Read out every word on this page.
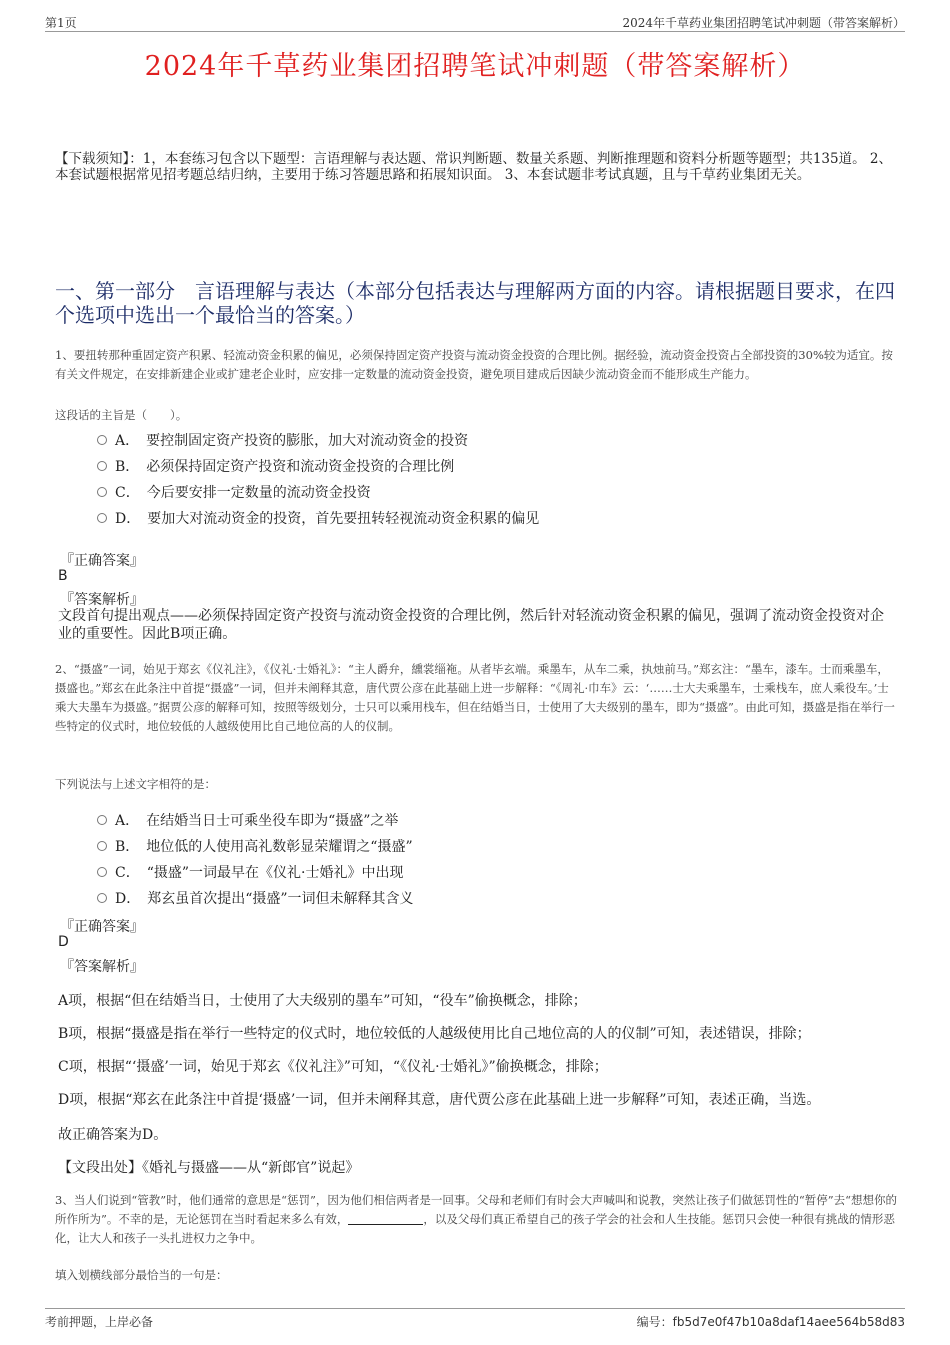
第1页	2024年千草药业集团招聘笔试冲刺题（带答案解析）
2024年千草药业集团招聘笔试冲刺题（带答案解析）
【下载须知】：1，本套练习包含以下题型：言语理解与表达题、常识判断题、数量关系题、判断推理题和资料分析题等题型；共135道。 2、本套试题根据常见招考题总结归纳，主要用于练习答题思路和拓展知识面。 3、本套试题非考试真题，且与千草药业集团无关。
一、第一部分　言语理解与表达（本部分包括表达与理解两方面的内容。请根据题目要求，在四个选项中选出一个最恰当的答案。）
1、要扭转那种重固定资产积累、轻流动资金积累的偏见，必须保持固定资产投资与流动资金投资的合理比例。据经验，流动资金投资占全部投资的30%较为适宜。按有关文件规定，在安排新建企业或扩建老企业时，应安排一定数量的流动资金投资，避免项目建成后因缺少流动资金而不能形成生产能力。
这段话的主旨是（　　）。
A．　要控制固定资产投资的膨胀，加大对流动资金的投资
B．　必须保持固定资产投资和流动资金投资的合理比例
C．　今后要安排一定数量的流动资金投资
D．　要加大对流动资金的投资，首先要扭转轻视流动资金积累的偏见
『正确答案』
B
『答案解析』
文段首句提出观点——必须保持固定资产投资与流动资金投资的合理比例，然后针对轻流动资金积累的偏见，强调了流动资金投资对企业的重要性。因此B项正确。
2、“摄盛”一词，始见于郑玄《仪礼注》，《仪礼·士婚礼》：“主人爵弁，纁裳缁袘。从者毕玄端。乘墨车，从车二乘，执烛前马。”郑玄注：“墨车，漆车。士而乘墨车，摄盛也。”郑玄在此条注中首提“摄盛”一词，但并未阐释其意，唐代贾公彦在此基础上进一步解释：“《周礼·巾车》云：‘……士大夫乘墨车，士乘栈车，庶人乘役车。’士乘大夫墨车为摄盛。”据贾公彦的解释可知，按照等级划分，士只可以乘用栈车，但在结婚当日，士使用了大夫级别的墨车，即为“摄盛”。由此可知，摄盛是指在举行一些特定的仪式时，地位较低的人越级使用比自己地位高的人的仪制。
下列说法与上述文字相符的是：
A．　在结婚当日士可乘坐役车即为“摄盛”之举
B．　地位低的人使用高礼数彰显荣耀谓之“摄盛”
C．　“摄盛”一词最早在《仪礼·士婚礼》中出现
D．　郑玄虽首次提出“摄盛”一词但未解释其含义
『正确答案』
D
『答案解析』
A项，根据“但在结婚当日，士使用了大夫级别的墨车”可知，“役车”偷换概念，排除；
B项，根据“摄盛是指在举行一些特定的仪式时，地位较低的人越级使用比自己地位高的人的仪制”可知，表述错误，排除；
C项，根据“‘摄盛’一词，始见于郑玄《仪礼注》”可知，“《仪礼·士婚礼》”偷换概念，排除；
D项，根据“郑玄在此条注中首提‘摄盛’一词，但并未阐释其意，唐代贾公彦在此基础上进一步解释”可知，表述正确，当选。
故正确答案为D。
【文段出处】《婚礼与摄盛——从“新郎官”说起》
3、当人们说到“管教”时，他们通常的意思是“惩罚”，因为他们相信两者是一回事。父母和老师们有时会大声喊叫和说教，突然让孩子们做惩罚性的“暂停”去“想想你的所作所为”。不幸的是，无论惩罚在当时看起来多么有效，	，以及父母们真正希望自己的孩子学会的社会和人生技能。惩罚只会使一种很有挑战的情形恶化，让大人和孩子一头扎进权力之争中。
填入划横线部分最恰当的一句是：
考前押题，上岸必备	编号：fb5d7e0f47b10a8daf14aee564b58d83
